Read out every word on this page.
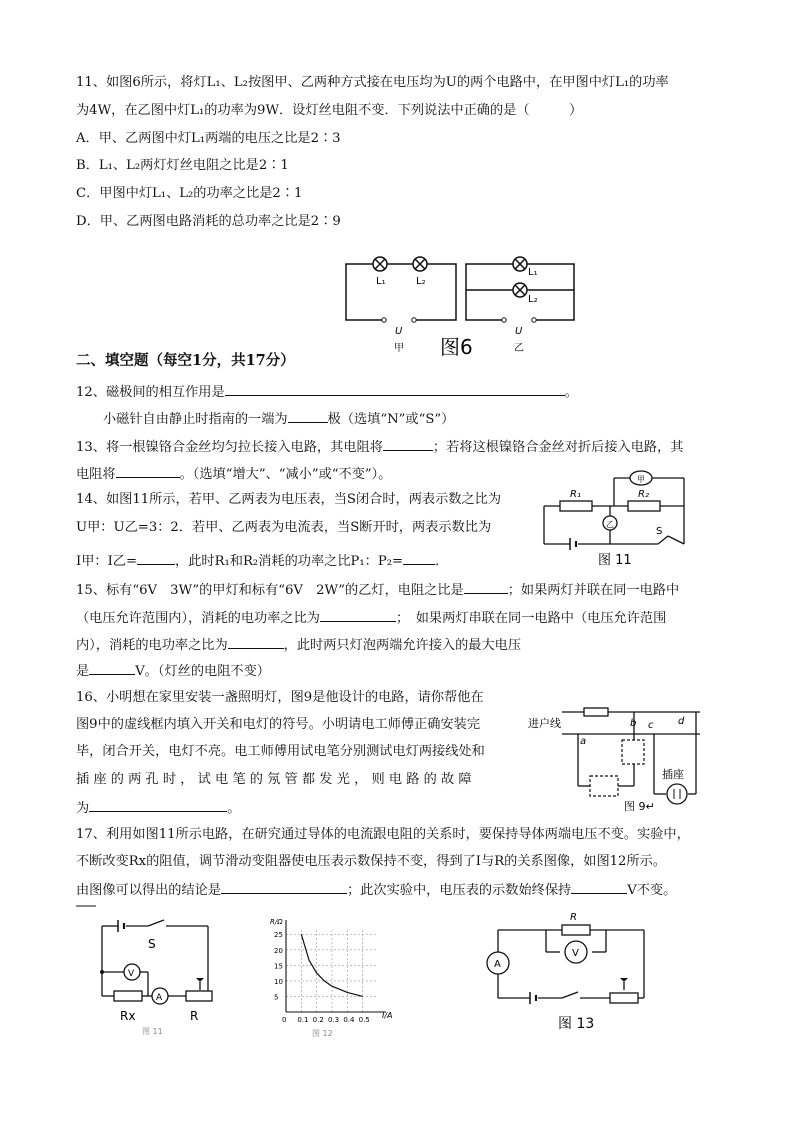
11、如图6所示，将灯L₁、L₂按图甲、乙两种方式接在电压均为U的两个电路中，在甲图中灯L₁的功率
为4W，在乙图中灯L₁的功率为9W．设灯丝电阻不变．下列说法中正确的是（　　　）
A．甲、乙两图中灯L₁两端的电压之比是2∶3
B．L₁、L₂两灯灯丝电阻之比是2∶1
C．甲图中灯L₁、L₂的功率之比是2∶1
D．甲、乙两图电路消耗的总功率之比是2∶9
L₁	L₂
L₁
L₂
U	U
甲	乙
图6
二、填空题（每空1分，共17分）
12、磁极间的相互作用是	。
小磁针自由静止时指南的一端为	极（选填“N”或“S”）
13、将一根镍铬合金丝均匀拉长接入电路，其电阻将	；若将这根镍铬合金丝对折后接入电路，其
电阻将	。（选填“增大”、“减小”或“不变”）。
14、如图11所示，若甲、乙两表为电压表，当S闭合时，两表示数之比为
U甲：U乙=3：2．若甲、乙两表为电流表，当S断开时，两表示数比为
I甲：I乙=	，此时R₁和R₂消耗的功率之比P₁：P₂= ．
甲
乙
R₁	R₂
S
图 11
15、标有“6V　3W”的甲灯和标有“6V　2W”的乙灯，电阻之比是	；如果两灯并联在同一电路中
（电压允许范围内），消耗的电功率之比为	；　如果两灯串联在同一电路中（电压允许范围
内），消耗的电功率之比为	，此时两只灯泡两端允许接入的最大电压
是	V。（灯丝的电阻不变）
16、小明想在家里安装一盏照明灯，图9是他设计的电路，请你帮他在
图9中的虚线框内填入开关和电灯的符号。小明请电工师傅正确安装完
毕，闭合开关，电灯不亮。电工师傅用试电笔分别测试电灯两接线处和
插 座 的 两 孔 时 ， 试 电 笔 的 氖 管 都 发 光 ， 则 电 路 的 故 障
为	。
进户线
a
b c d
插座
图 9↵
17、利用如图11所示电路，在研究通过导体的电流跟电阻的关系时，要保持导体两端电压不变。实验中，
不断改变Rx的阻值，调节滑动变阻器使电压表示数保持不变，得到了I与R的关系图像，如图12所示。
由图像可以得出的结论是	；此次实验中，电压表的示数始终保持	V不变。
V
A
S
Rx	R
图 11
R/Ω
I/A
图 12
0 0.1 0.2 0.3 0.4 0.5
5
10
15
20
25
R
V
A
图 13
